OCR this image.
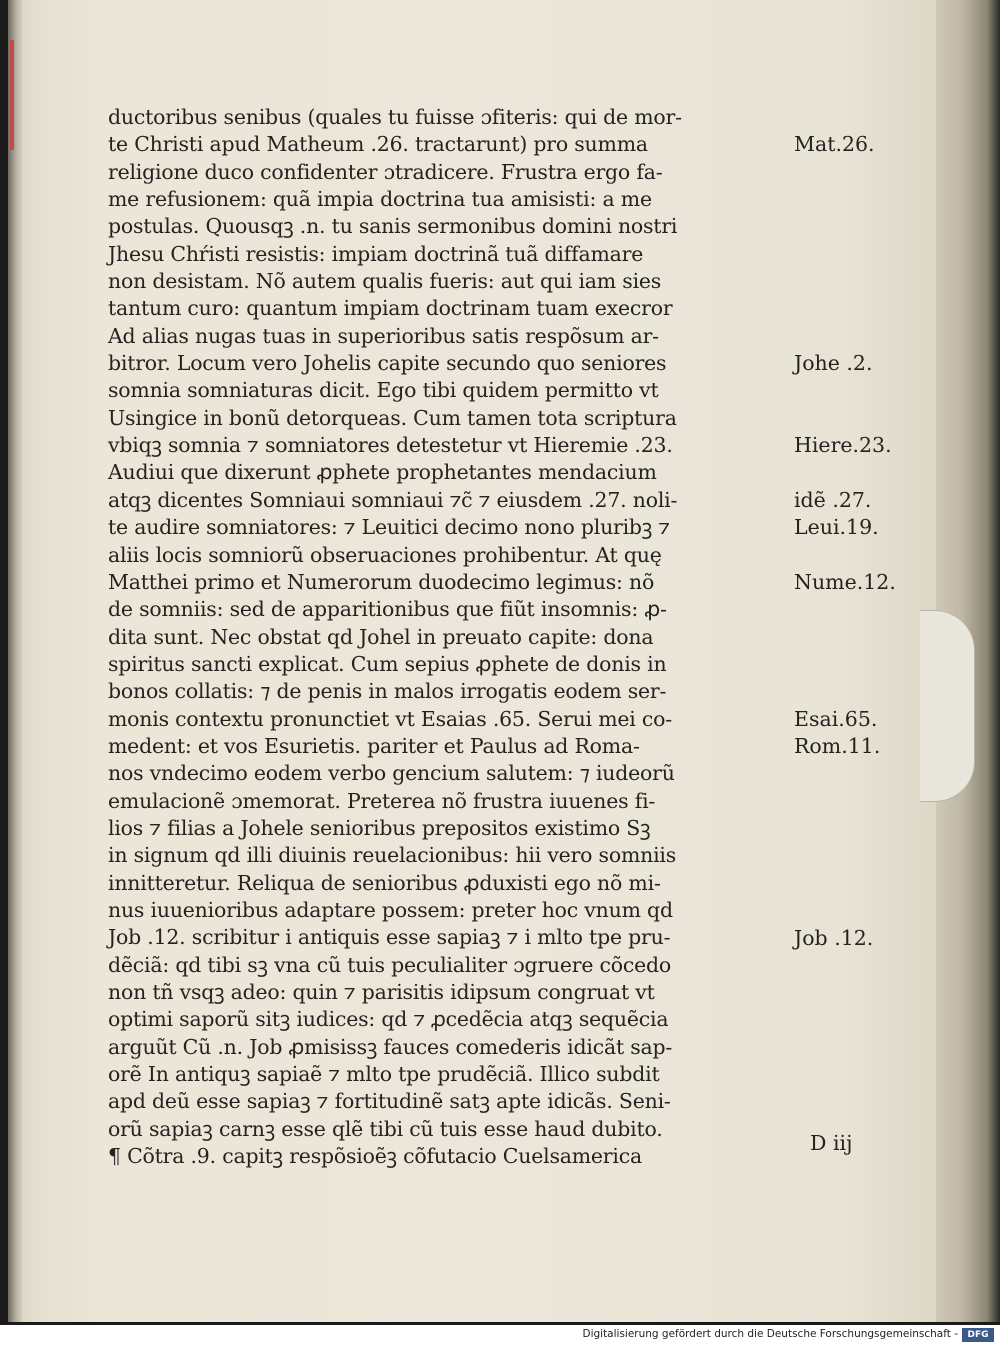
ductoribus senibus (quales tu fuisse ɔfiteris: qui de mor-
te Christi apud Matheum .26. tractarunt) pro summa
religione duco confidenter ɔtradicere. Frustra ergo fa-
me refusionem: quã impia doctrina tua amisisti: a me
postulas. Quousqꝫ .n. tu sanis sermonibus domini nostri
Jhesu Chŕisti resistis: impiam doctrinã tuã diffamare
non desistam. Nõ autem qualis fueris: aut qui iam sies
tantum curo: quantum impiam doctrinam tuam execror
Ad alias nugas tuas in superioribus satis respõsum ar-
bitror. Locum vero Johelis capite secundo quo seniores
somnia somniaturas dicit. Ego tibi quidem permitto vt
Usingice in bonũ detorqueas. Cum tamen tota scriptura
vbiqꝫ somnia ⁊ somniatores detestetur vt Hieremie .23.
Audiui que dixerunt ꝓphete prophetantes mendacium
atqꝫ dicentes Somniaui somniaui ⁊c̃ ⁊ eiusdem .27. noli-
te audire somniatores: ⁊ Leuitici decimo nono pluribꝫ ⁊
aliis locis somniorũ obseruaciones prohibentur. At quę
Matthei primo et Numerorum duodecimo legimus: nõ
de somniis: sed de apparitionibus que fiũt insomnis: ꝓ-
dita sunt. Nec obstat qd Johel in preuato capite: dona
spiritus sancti explicat. Cum sepius ꝓphete de donis in
bonos collatis: ⁊ de penis in malos irrogatis eodem ser-
monis contextu pronunctiet vt Esaias .65. Serui mei co-
medent: et vos Esurietis. pariter et Paulus ad Roma-
nos vndecimo eodem verbo gencium salutem: ⁊ iudeorũ
emulacionẽ ɔmemorat. Preterea nõ frustra iuuenes fi-
lios ⁊ filias a Johele senioribus prepositos existimo Sꝫ
in signum qd illi diuinis reuelacionibus: hii vero somniis
innitteretur. Reliqua de senioribus ꝓduxisti ego nõ mi-
nus iuuenioribus adaptare possem: preter hoc vnum qd
Job .12. scribitur i antiquis esse sapiaꝫ ⁊ i mlto tpe pru-
dẽciã: qd tibi sꝫ vna cũ tuis peculialiter ɔgruere cõcedo
non tñ vsqꝫ adeo: quin ⁊ parisitis idipsum congruat vt
optimi saporũ sitꝫ iudices: qd ⁊ ꝓcedẽcia atqꝫ sequẽcia
arguũt Cũ .n. Job ꝓmisissꝫ fauces comederis idicãt sap-
orẽ In antiquꝫ sapiaẽ ⁊ mlto tpe prudẽciã. Illico subdit
apd deũ esse sapiaꝫ ⁊ fortitudinẽ satꝫ apte idicãs. Seni-
orũ sapiaꝫ carnꝫ esse qlẽ tibi cũ tuis esse haud dubito.
¶ Cõtra .9. capitꝫ respõsioẽꝫ cõfutacio Cuelsamerica
Mat.26.
Johe .2.
Hiere.23.
idẽ .27.
Leui.19.
Nume.12.
Esai.65.
Rom.11.
Job .12.
D iij
Digitalisierung gefördert durch die Deutsche Forschungsgemeinschaft -	DFG
